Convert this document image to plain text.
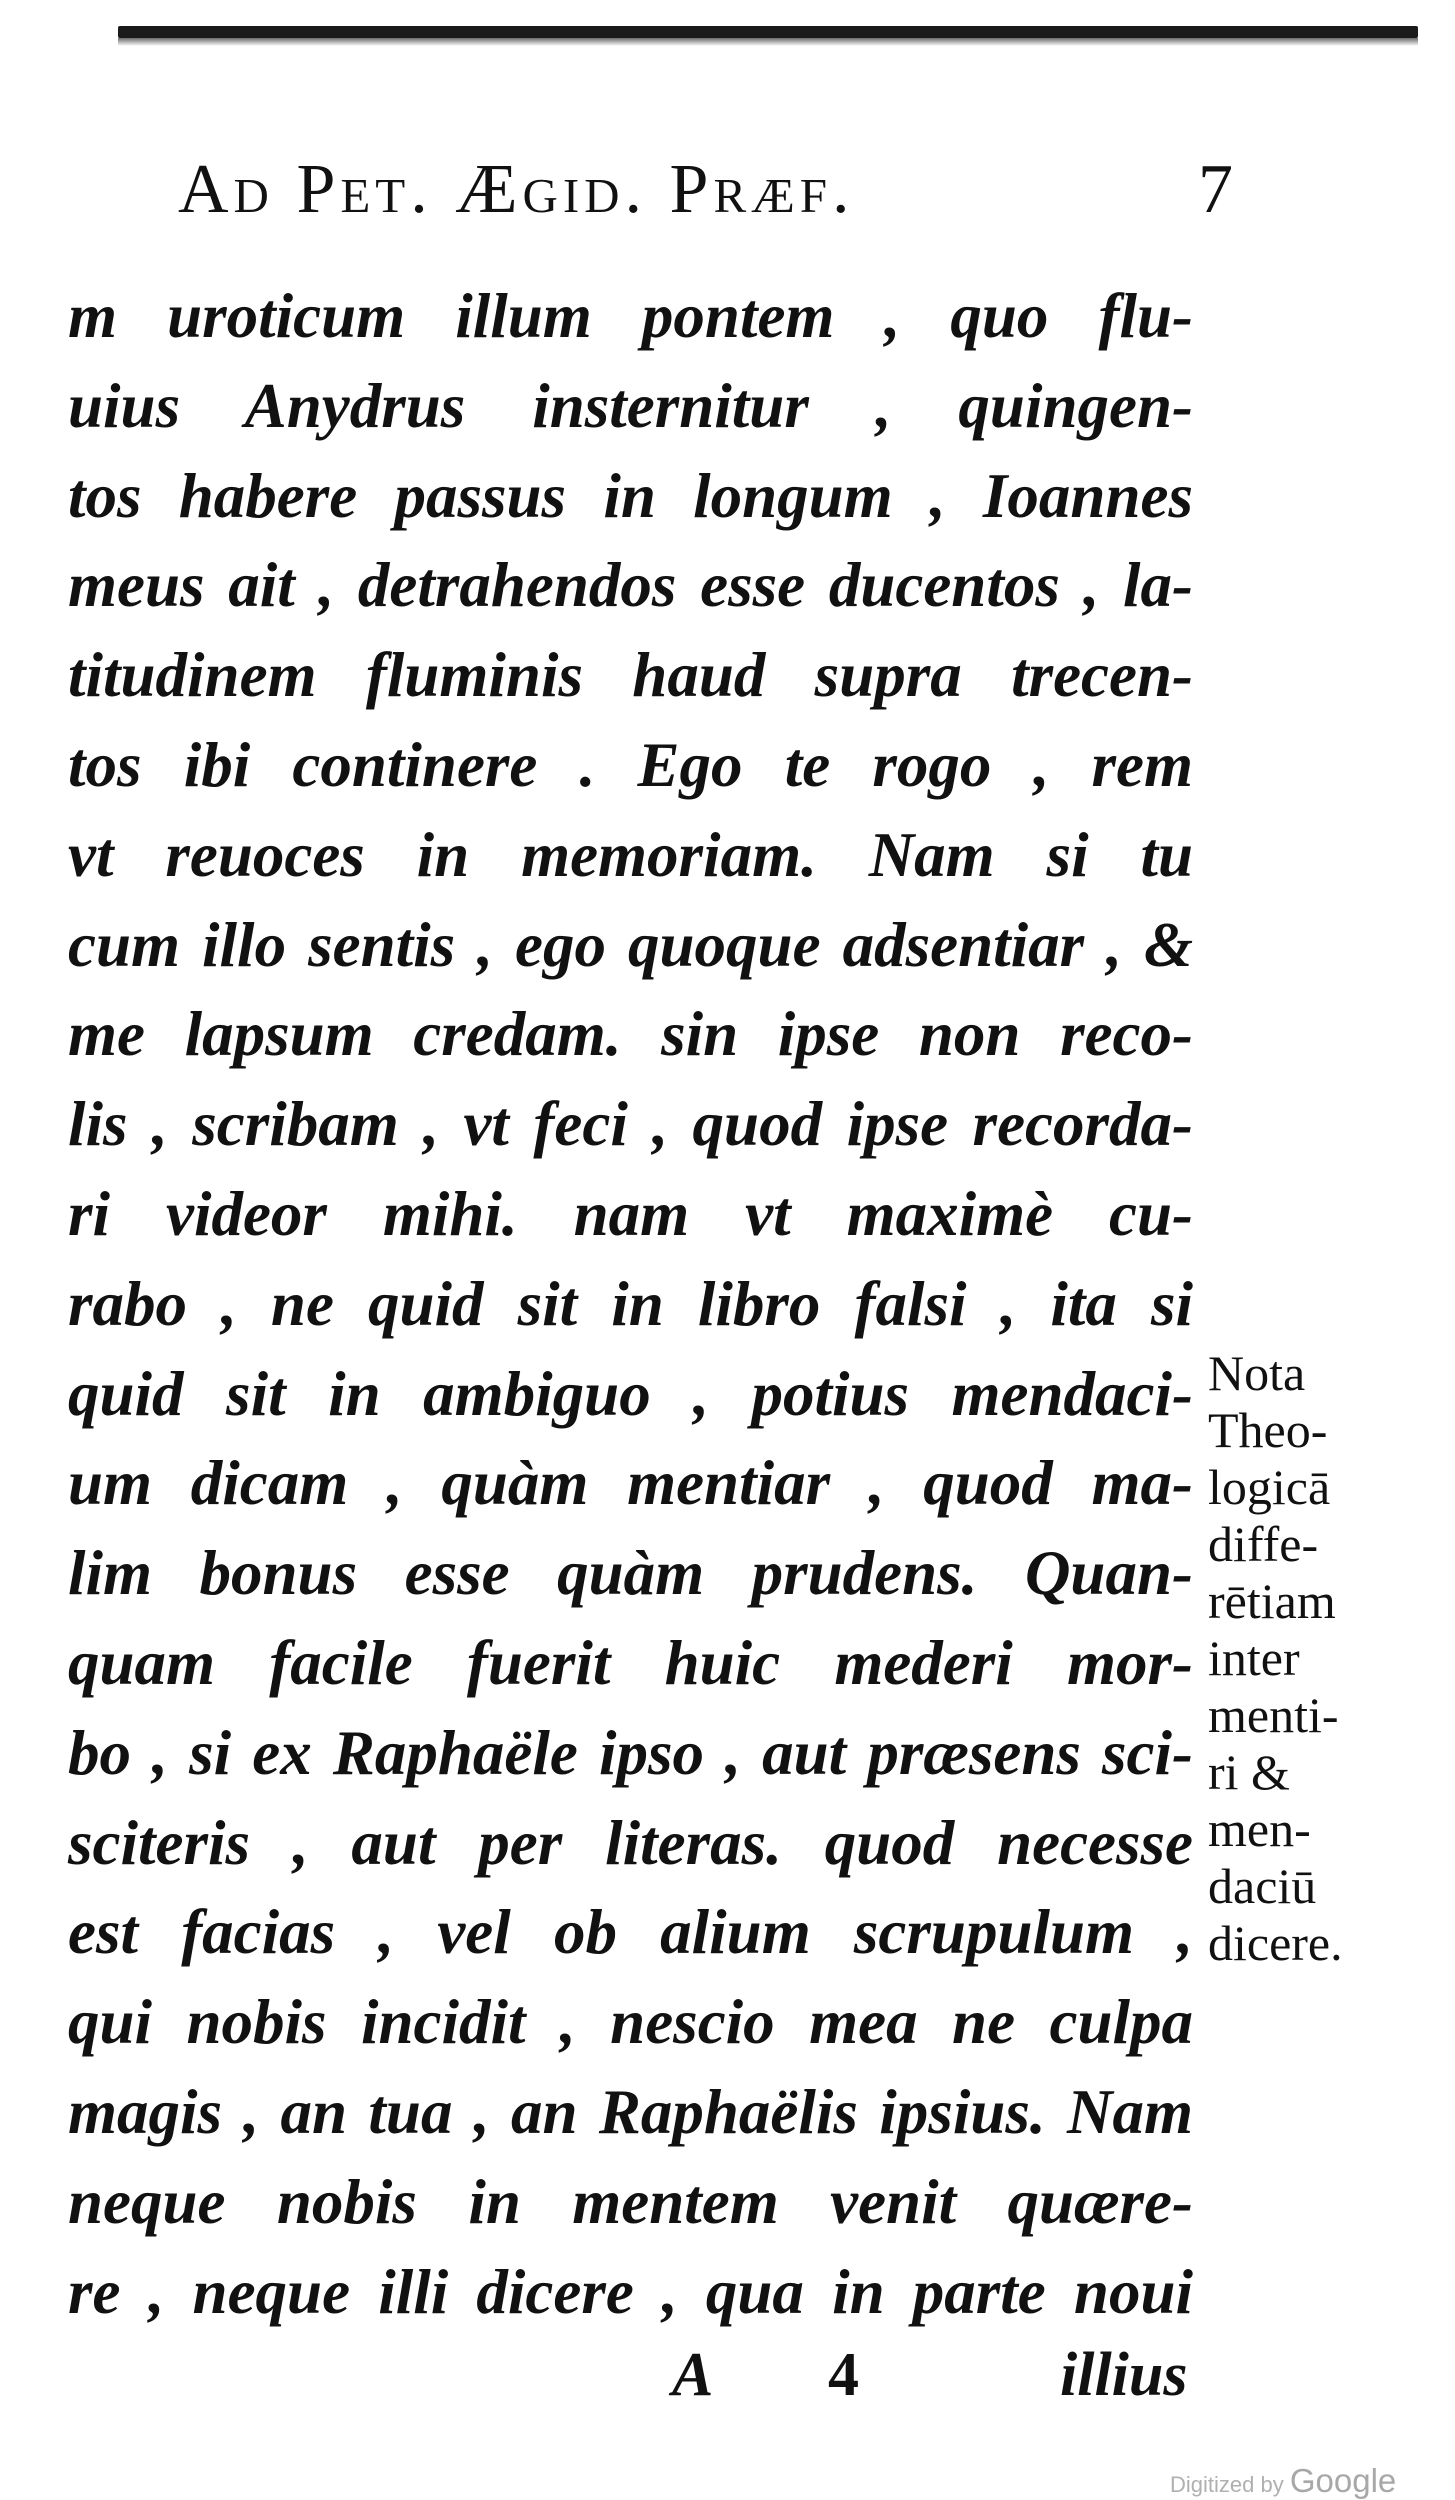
Ad Pet. Ægid. Præf.	7
m urοticum illum pontem , quo flu-
uius Anydrus insternitur , quingen-
tos habere passus in longum , Ioannes
meus ait , detrahendos esse ducentos , la-
titudinem fluminis haud supra trecen-
tos ibi continere . Ego te rogo , rem
vt reuoces in memoriam. Nam si tu
cum illo sentis , ego quoque adsentiar , &
me lapsum credam. sin ipse non reco-
lis , scribam , vt feci , quod ipse recorda-
ri videor mihi. nam vt maximè cu-
rabo , ne quid sit in libro falsi , ita si
quid sit in ambiguo , potius mendaci-
um dicam , quàm mentiar , quod ma-
lim bonus esse quàm prudens. Quan-
quam facile fuerit huic mederi mor-
bo , si ex Raphaële ipso , aut præsens sci-
sciteris , aut per literas. quod necesse
est facias , vel ob alium scrupulum ,
qui nobis incidit , nescio mea ne culpa
magis , an tua , an Raphaëlis ipsius. Nam
neque nobis in mentem venit quære-
re , neque illi dicere , qua in parte noui
Nota
Theo-
logicā
diffe-
rētiam
inter
menti-
ri &
men-
daciū
dicere.
A 4	illius
Digitized by Google
